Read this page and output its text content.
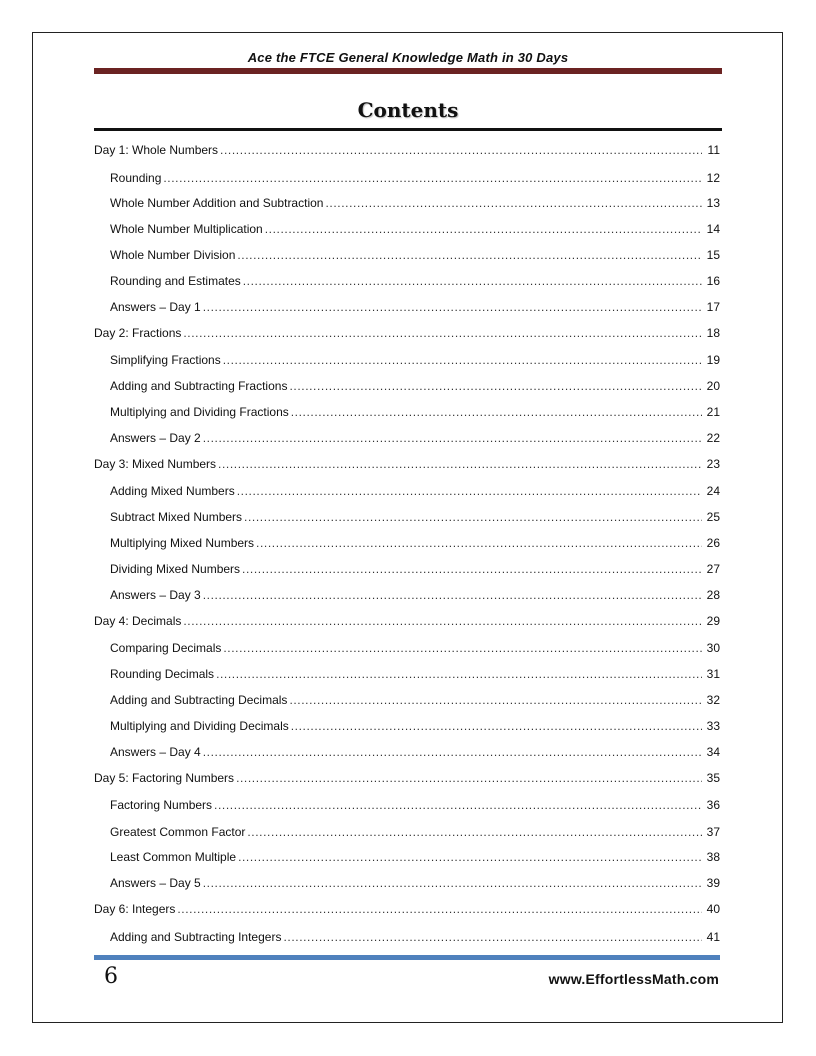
Ace the FTCE General Knowledge Math in 30 Days
Contents
Day 1: Whole Numbers .....	11
Rounding .....	12
Whole Number Addition and Subtraction .....	13
Whole Number Multiplication .....	14
Whole Number Division .....	15
Rounding and Estimates .....	16
Answers – Day 1 .....	17
Day 2: Fractions .....	18
Simplifying Fractions .....	19
Adding and Subtracting Fractions .....	20
Multiplying and Dividing Fractions .....	21
Answers – Day 2 .....	22
Day 3: Mixed Numbers .....	23
Adding Mixed Numbers .....	24
Subtract Mixed Numbers .....	25
Multiplying Mixed Numbers .....	26
Dividing Mixed Numbers .....	27
Answers – Day 3 .....	28
Day 4: Decimals .....	29
Comparing Decimals .....	30
Rounding Decimals .....	31
Adding and Subtracting Decimals .....	32
Multiplying and Dividing Decimals .....	33
Answers – Day 4 .....	34
Day 5: Factoring Numbers .....	35
Factoring Numbers .....	36
Greatest Common Factor .....	37
Least Common Multiple .....	38
Answers – Day 5 .....	39
Day 6: Integers .....	40
Adding and Subtracting Integers .....	41
6	www.EffortlessMath.com
